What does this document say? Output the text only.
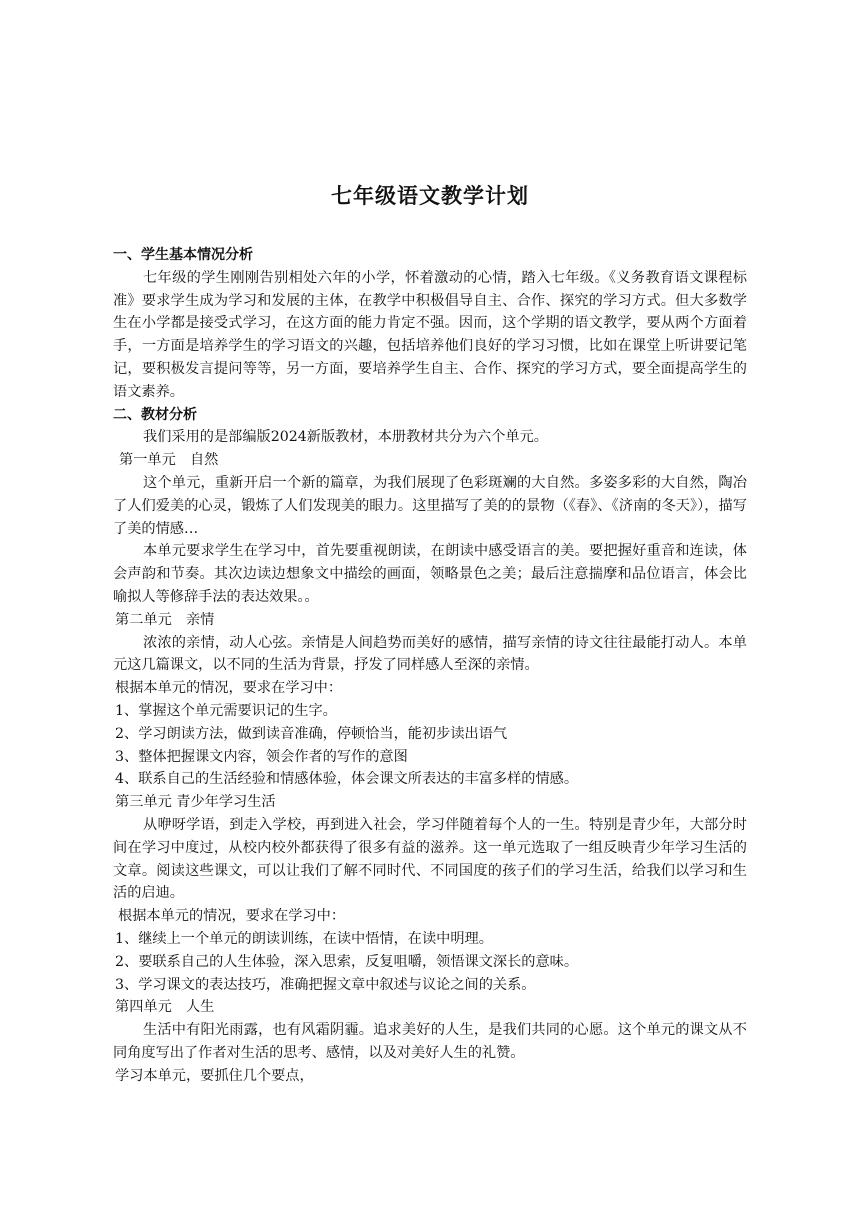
七年级语文教学计划

一、学生基本情况分析

七年级的学生刚刚告别相处六年的小学，怀着激动的心情，踏入七年级。《义务教育语文课程标准》要求学生成为学习和发展的主体，在教学中积极倡导自主、合作、探究的学习方式。但大多数学生在小学都是接受式学习，在这方面的能力肯定不强。因而，这个学期的语文教学，要从两个方面着手，一方面是培养学生的学习语文的兴趣，包括培养他们良好的学习习惯，比如在课堂上听讲要记笔记，要积极发言提问等等，另一方面，要培养学生自主、合作、探究的学习方式，要全面提高学生的语文素养。

二、教材分析

我们采用的是部编版2024新版教材，本册教材共分为六个单元。

第一单元　自然

这个单元，重新开启一个新的篇章，为我们展现了色彩斑斓的大自然。多姿多彩的大自然，陶冶了人们爱美的心灵，锻炼了人们发现美的眼力。这里描写了美的的景物（《春》、《济南的冬天》），描写了美的情感…

本单元要求学生在学习中，首先要重视朗读，在朗读中感受语言的美。要把握好重音和连读，体会声韵和节奏。其次边读边想象文中描绘的画面，领略景色之美；最后注意揣摩和品位语言，体会比喻拟人等修辞手法的表达效果。。

第二单元　亲情

浓浓的亲情，动人心弦。亲情是人间趋势而美好的感情，描写亲情的诗文往往最能打动人。本单元这几篇课文，以不同的生活为背景，抒发了同样感人至深的亲情。

根据本单元的情况，要求在学习中：

1、掌握这个单元需要识记的生字。

2、学习朗读方法，做到读音准确，停顿恰当，能初步读出语气

3、整体把握课文内容，领会作者的写作的意图

4、联系自己的生活经验和情感体验，体会课文所表达的丰富多样的情感。

第三单元 青少年学习生活

从咿呀学语，到走入学校，再到进入社会，学习伴随着每个人的一生。特别是青少年，大部分时间在学习中度过，从校内校外都获得了很多有益的滋养。这一单元选取了一组反映青少年学习生活的文章。阅读这些课文，可以让我们了解不同时代、不同国度的孩子们的学习生活，给我们以学习和生活的启迪。

根据本单元的情况，要求在学习中：

1、继续上一个单元的朗读训练，在读中悟情，在读中明理。

2、要联系自己的人生体验，深入思索，反复咀嚼，领悟课文深长的意味。

3、学习课文的表达技巧，准确把握文章中叙述与议论之间的关系。

第四单元　人生

生活中有阳光雨露，也有风霜阴霾。追求美好的人生，是我们共同的心愿。这个单元的课文从不同角度写出了作者对生活的思考、感情，以及对美好人生的礼赞。

学习本单元，要抓住几个要点，
